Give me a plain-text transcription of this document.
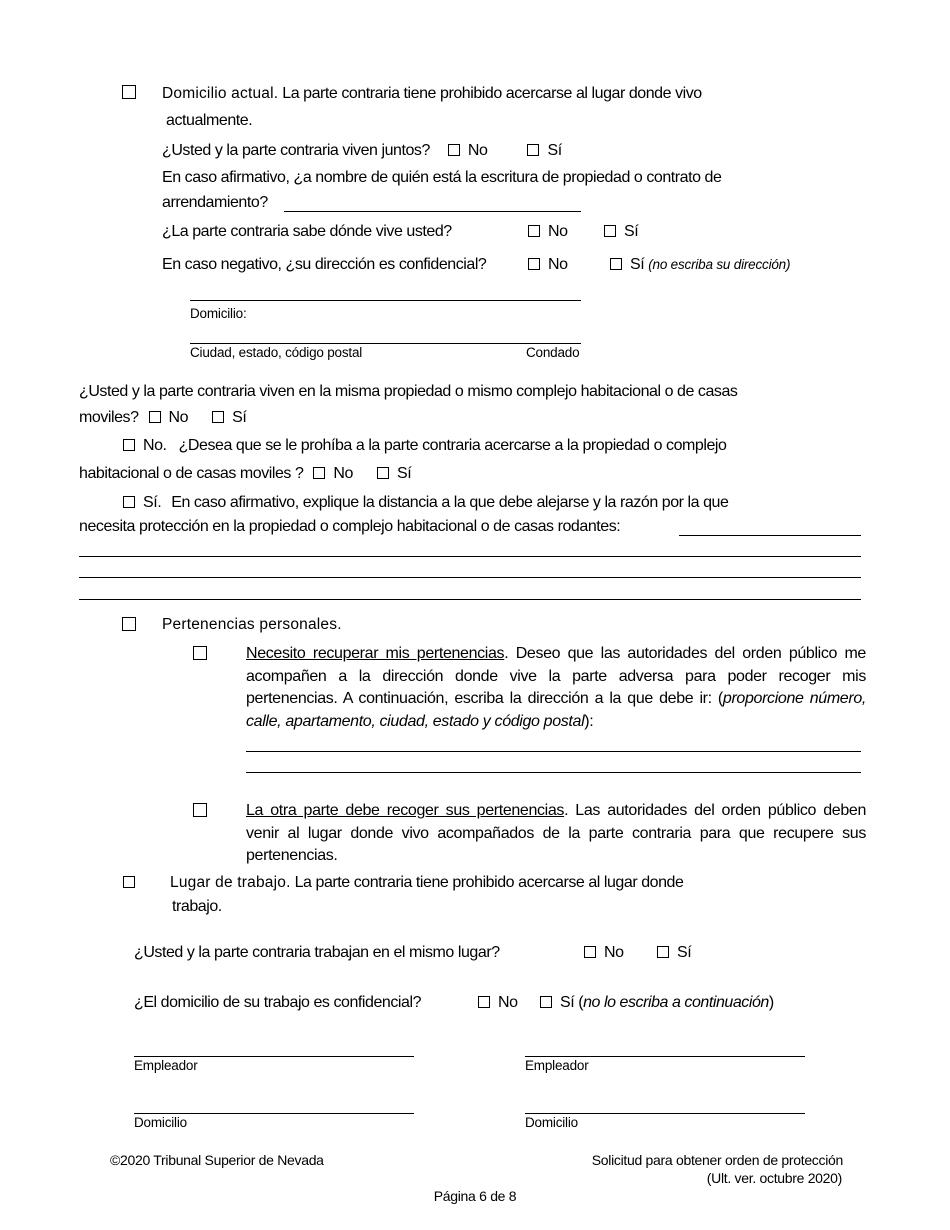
Domicilio actual. La parte contraria tiene prohibido acercarse al lugar donde vivo
actualmente.
¿Usted y la parte contraria viven juntos? No	Sí
En caso afirmativo, ¿a nombre de quién está la escritura de propiedad o contrato de
arrendamiento?
¿La parte contraria sabe dónde vive usted?	No	Sí
En caso negativo, ¿su dirección es confidencial?	No	Sí (no escriba su dirección)
Domicilio:
Ciudad, estado, código postal	Condado
¿Usted y la parte contraria viven en la misma propiedad o mismo complejo habitacional o de casas
moviles? No	Sí
No. ¿Desea que se le prohíba a la parte contraria acercarse a la propiedad o complejo
habitacional o de casas moviles ? No	Sí
Sí. En caso afirmativo, explique la distancia a la que debe alejarse y la razón por la que
necesita protección en la propiedad o complejo habitacional o de casas rodantes:
Pertenencias personales.
Necesito recuperar mis pertenencias. Deseo que las autoridades del orden público me acompañen a la dirección donde vive la parte adversa para poder recoger mis pertenencias. A continuación, escriba la dirección a la que debe ir: (proporcione número, calle, apartamento, ciudad, estado y código postal):
La otra parte debe recoger sus pertenencias. Las autoridades del orden público deben venir al lugar donde vivo acompañados de la parte contraria para que recupere sus pertenencias.
Lugar de trabajo. La parte contraria tiene prohibido acercarse al lugar donde
trabajo.
¿Usted y la parte contraria trabajan en el mismo lugar?	No	Sí
¿El domicilio de su trabajo es confidencial?	No	Sí (no lo escriba a continuación)
Empleador	Empleador
Domicilio	Domicilio
©2020 Tribunal Superior de Nevada	Solicitud para obtener orden de protección
(Ult. ver. octubre 2020)
Página 6 de 8
